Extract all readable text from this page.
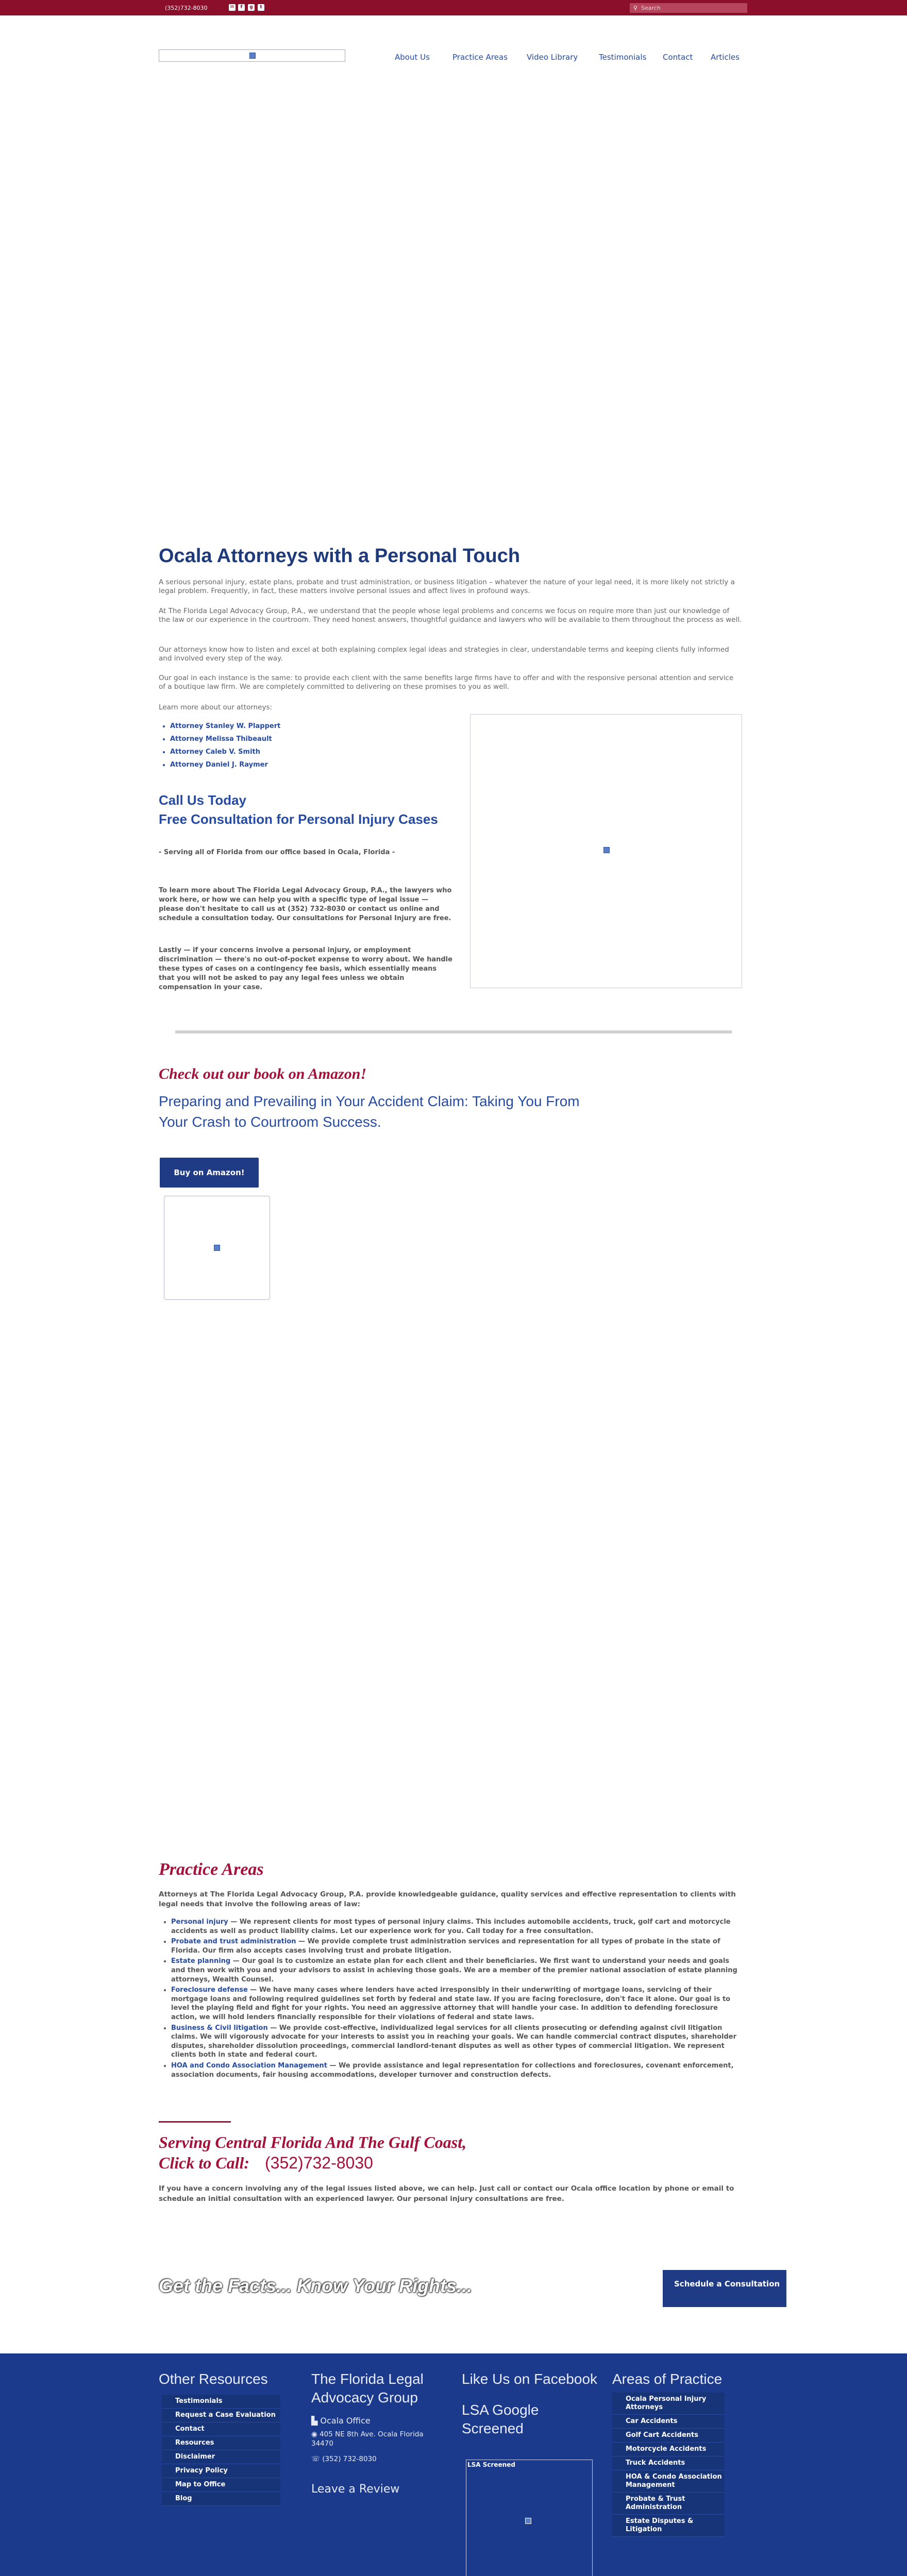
(352)732-8030	✉	f	g	t	⚲ Search
About Us	Practice Areas Video Library	Testimonials Contact Articles
Ocala Attorneys with a Personal Touch

A serious personal injury, estate plans, probate and trust administration, or business litigation – whatever the nature of your legal need, it is more likely not strictly a legal problem. Frequently, in fact, these matters involve personal issues and affect lives in profound ways.

At The Florida Legal Advocacy Group, P.A., we understand that the people whose legal problems and concerns we focus on require more than just our knowledge of the law or our experience in the courtroom. They need honest answers, thoughtful guidance and lawyers who will be available to them throughout the process as well.

Our attorneys know how to listen and excel at both explaining complex legal ideas and strategies in clear, understandable terms and keeping clients fully informed and involved every step of the way.

Our goal in each instance is the same: to provide each client with the same benefits large firms have to offer and with the responsive personal attention and service of a boutique law firm. We are completely committed to delivering on these promises to you as well.

Learn more about our attorneys:

• Attorney Stanley W. Plappert
• Attorney Melissa Thibeault
• Attorney Caleb V. Smith
• Attorney Daniel J. Raymer
Call Us Today
Free Consultation for Personal Injury Cases
- Serving all of Florida from our office based in Ocala, Florida -
To learn more about The Florida Legal Advocacy Group, P.A., the lawyers who work here, or how we can help you with a specific type of legal issue — please don't hesitate to call us at (352) 732-8030 or contact us online and schedule a consultation today. Our consultations for Personal Injury are free.
Lastly — if your concerns involve a personal injury, or employment discrimination — there's no out-of-pocket expense to worry about. We handle these types of cases on a contingency fee basis, which essentially means that you will not be asked to pay any legal fees unless we obtain compensation in your case.
Check out our book on Amazon!
Preparing and Prevailing in Your Accident Claim: Taking You From Your Crash to Courtroom Success.
Buy on Amazon!
Practice Areas

Attorneys at The Florida Legal Advocacy Group, P.A. provide knowledgeable guidance, quality services and effective representation to clients with legal needs that involve the following areas of law:

• Personal injury — We represent clients for most types of personal injury claims. This includes automobile accidents, truck, golf cart and motorcycle accidents as well as product liability claims. Let our experience work for you. Call today for a free consultation.
• Probate and trust administration — We provide complete trust administration services and representation for all types of probate in the state of Florida. Our firm also accepts cases involving trust and probate litigation.
• Estate planning — Our goal is to customize an estate plan for each client and their beneficiaries. We first want to understand your needs and goals and then work with you and your advisors to assist in achieving those goals. We are a member of the premier national association of estate planning attorneys, Wealth Counsel.
• Foreclosure defense — We have many cases where lenders have acted irresponsibly in their underwriting of mortgage loans, servicing of their mortgage loans and following required guidelines set forth by federal and state law. If you are facing foreclosure, don't face it alone. Our goal is to level the playing field and fight for your rights. You need an aggressive attorney that will handle your case. In addition to defending foreclosure action, we will hold lenders financially responsible for their violations of federal and state laws.
• Business & Civil litigation — We provide cost-effective, individualized legal services for all clients prosecuting or defending against civil litigation claims. We will vigorously advocate for your interests to assist you in reaching your goals. We can handle commercial contract disputes, shareholder disputes, shareholder dissolution proceedings, commercial landlord-tenant disputes as well as other types of commercial litigation. We represent clients both in state and federal court.
• HOA and Condo Association Management — We provide assistance and legal representation for collections and foreclosures, covenant enforcement, association documents, fair housing accommodations, developer turnover and construction defects.
Serving Central Florida And The Gulf Coast,
Click to Call: (352)732-8030

If you have a concern involving any of the legal issues listed above, we can help. Just call or contact our Ocala office location by phone or email to schedule an initial consultation with an experienced lawyer. Our personal injury consultations are free.

Get the Facts... Know Your Rights...	Schedule a Consultation
Other Resources
Testimonials
Request a Case Evaluation
Contact
Resources
Disclaimer
Privacy Policy
Map to Office
Blog
The Florida Legal Advocacy Group
▙ Ocala Office
◉ 405 NE 8th Ave. Ocala Florida 34470
☏ (352) 732-8030
Leave a Review
Like Us on Facebook
LSA Google Screened
LSA Screened
Areas of Practice
Ocala Personal Injury Attorneys
Car Accidents
Golf Cart Accidents
Motorcycle Accidents
Truck Accidents
HOA & Condo Association Management
Probate & Trust Administration
Estate Disputes & Litigation
